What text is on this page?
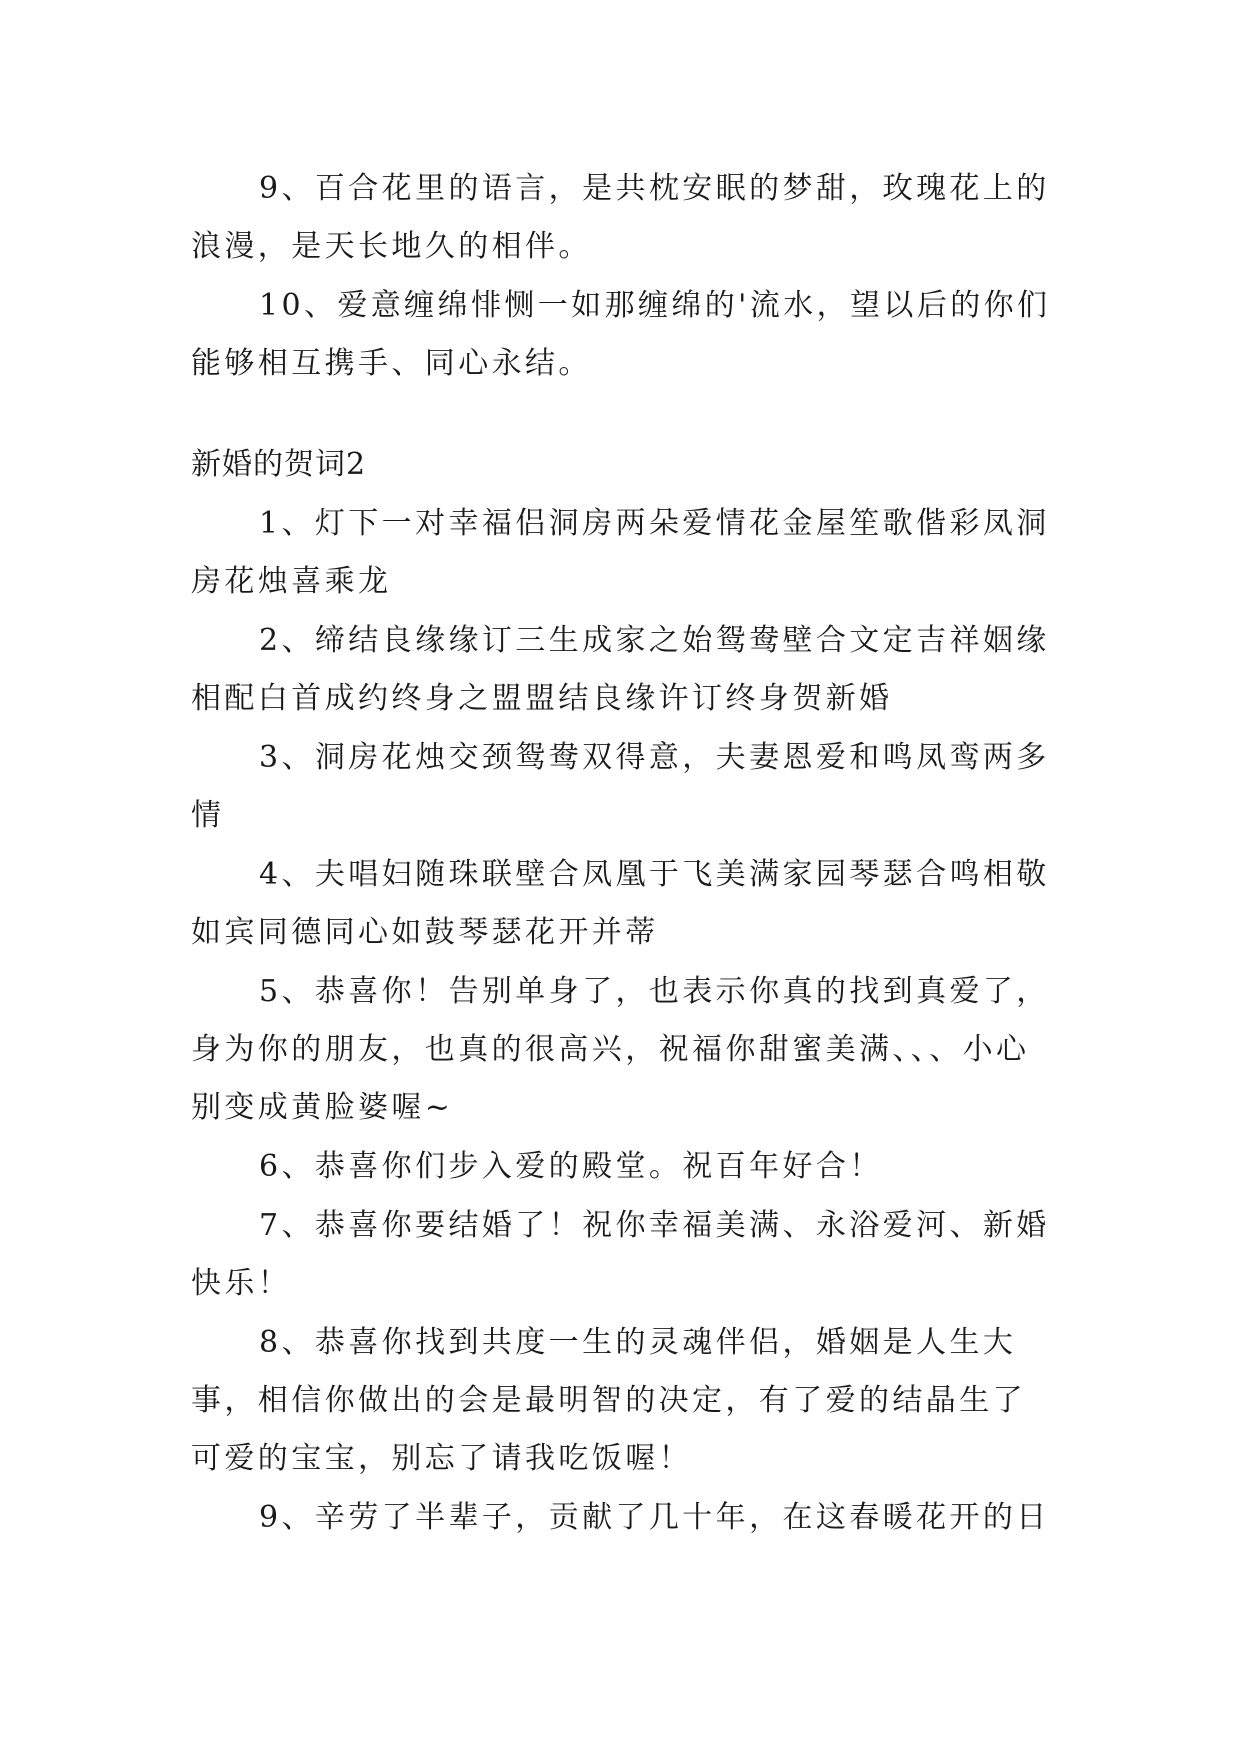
9、百合花里的语言，是共枕安眠的梦甜，玫瑰花上的浪漫，是天长地久的相伴。

10、爱意缠绵悱恻一如那缠绵的'流水，望以后的你们能够相互携手、同心永结。

新婚的贺词2

1、灯下一对幸福侣洞房两朵爱情花金屋笙歌偕彩凤洞房花烛喜乘龙

2、缔结良缘缘订三生成家之始鸳鸯壁合文定吉祥姻缘相配白首成约终身之盟盟结良缘许订终身贺新婚

3、洞房花烛交颈鸳鸯双得意，夫妻恩爱和鸣凤鸾两多情

4、夫唱妇随珠联壁合凤凰于飞美满家园琴瑟合鸣相敬如宾同德同心如鼓琴瑟花开并蒂

5、恭喜你！告别单身了，也表示你真的找到真爱了，身为你的朋友，也真的很高兴，祝福你甜蜜美满、、、小心别变成黄脸婆喔~

6、恭喜你们步入爱的殿堂。祝百年好合！

7、恭喜你要结婚了！祝你幸福美满、永浴爱河、新婚快乐！

8、恭喜你找到共度一生的灵魂伴侣，婚姻是人生大事，相信你做出的会是最明智的决定，有了爱的结晶生了可爱的宝宝，别忘了请我吃饭喔！

9、辛劳了半辈子，贡献了几十年，在这春暖花开的日
